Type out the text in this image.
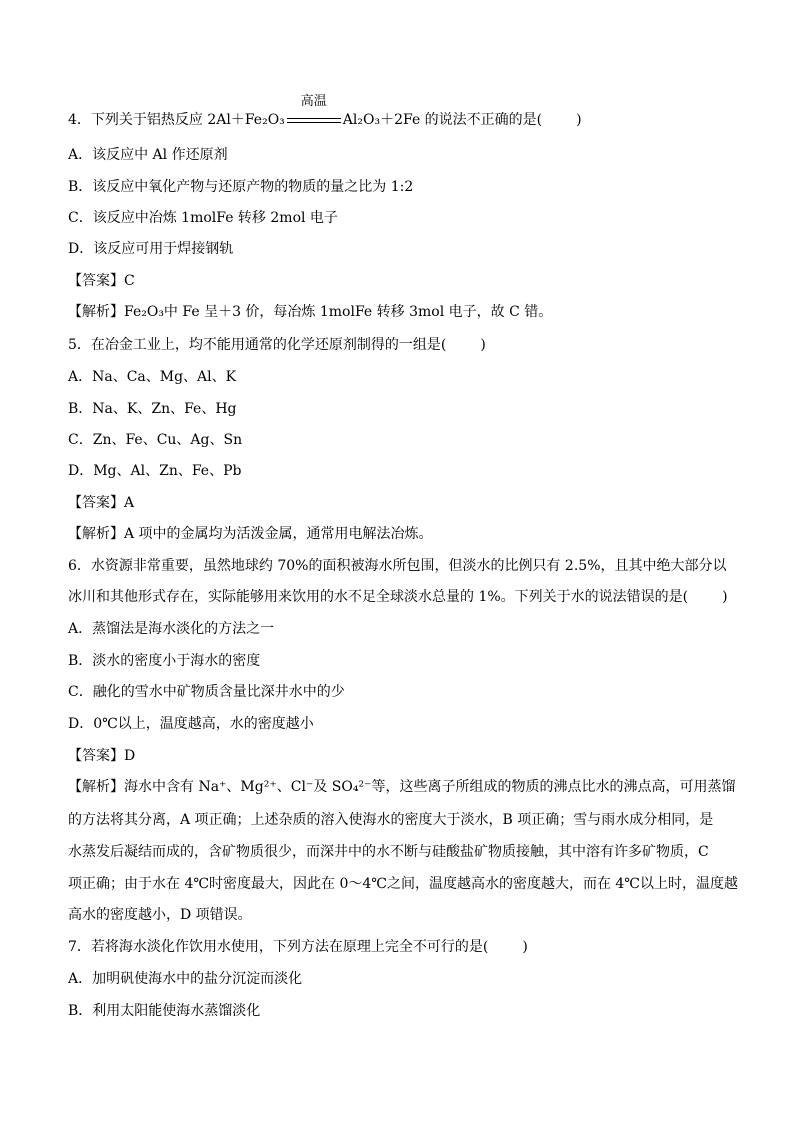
4．下列关于铝热反应 2Al＋Fe₂O₃
高温
Al₂O₃＋2Fe 的说法不正确的是( )
A．该反应中 Al 作还原剂
B．该反应中氧化产物与还原产物的物质的量之比为 1:2
C．该反应中冶炼 1molFe 转移 2mol 电子
D．该反应可用于焊接钢轨
【答案】C
【解析】Fe₂O₃中 Fe 呈＋3 价，每冶炼 1molFe 转移 3mol 电子，故 C 错。
5．在冶金工业上，均不能用通常的化学还原剂制得的一组是( )
A．Na、Ca、Mg、Al、K
B．Na、K、Zn、Fe、Hg
C．Zn、Fe、Cu、Ag、Sn
D．Mg、Al、Zn、Fe、Pb
【答案】A
【解析】A 项中的金属均为活泼金属，通常用电解法冶炼。
6．水资源非常重要，虽然地球约 70%的面积被海水所包围，但淡水的比例只有 2.5%，且其中绝大部分以
冰川和其他形式存在，实际能够用来饮用的水不足全球淡水总量的 1%。下列关于水的说法错误的是( )
A．蒸馏法是海水淡化的方法之一
B．淡水的密度小于海水的密度
C．融化的雪水中矿物质含量比深井水中的少
D．0℃以上，温度越高，水的密度越小
【答案】D
【解析】海水中含有 Na⁺、Mg²⁺、Cl⁻及 SO₄²⁻等，这些离子所组成的物质的沸点比水的沸点高，可用蒸馏
的方法将其分离，A 项正确；上述杂质的溶入使海水的密度大于淡水，B 项正确；雪与雨水成分相同，是
水蒸发后凝结而成的，含矿物质很少，而深井中的水不断与硅酸盐矿物质接触，其中溶有许多矿物质，C
项正确；由于水在 4℃时密度最大，因此在 0～4℃之间，温度越高水的密度越大，而在 4℃以上时，温度越
高水的密度越小，D 项错误。
7．若将海水淡化作饮用水使用，下列方法在原理上完全不可行的是( )
A．加明矾使海水中的盐分沉淀而淡化
B．利用太阳能使海水蒸馏淡化
